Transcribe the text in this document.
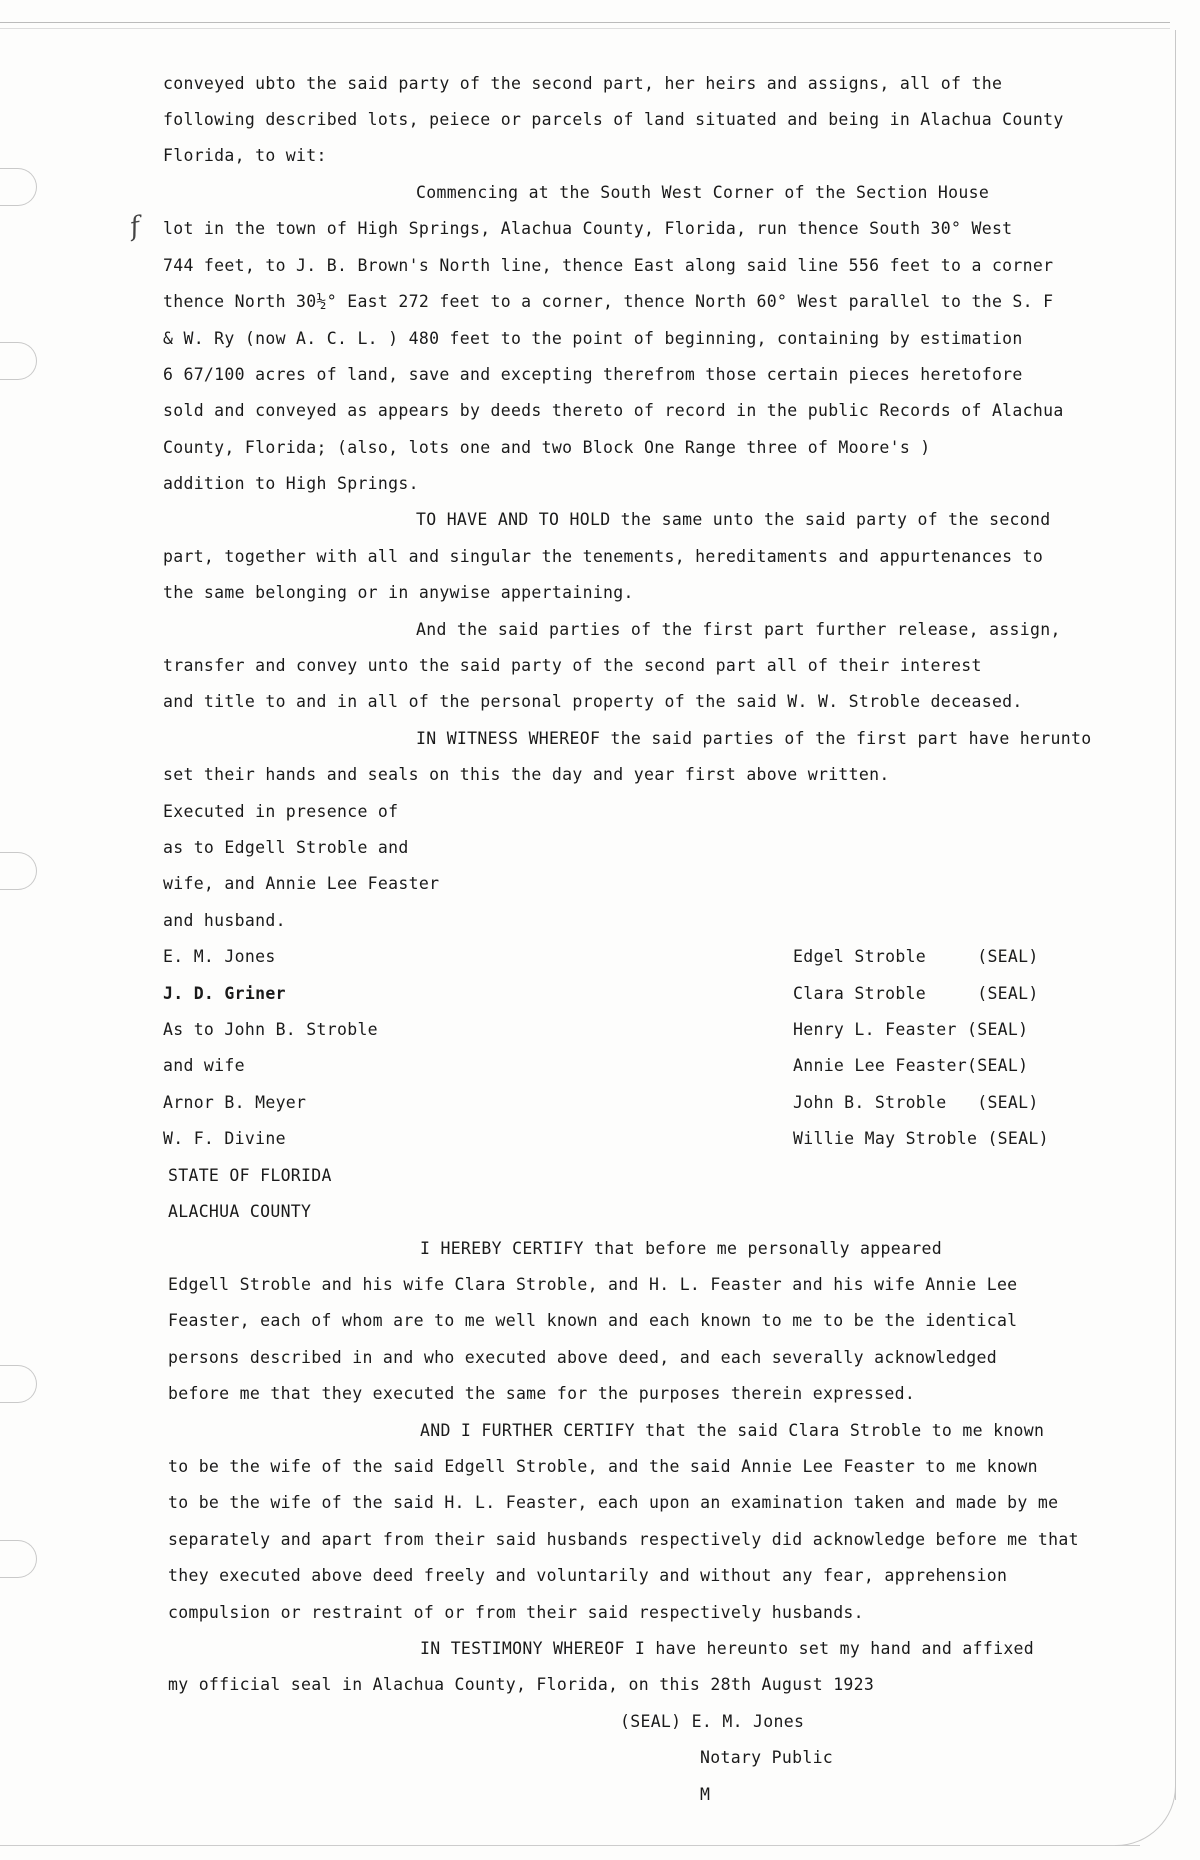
f
conveyed ubto the said party of the second part, her heirs and assigns, all of the
following described lots, peiece or parcels of land situated and being in Alachua County
Florida, to wit:
Commencing at the South West Corner of the Section House
lot in the town of High Springs, Alachua County, Florida, run thence South 30° West
744 feet, to J. B. Brown's North line, thence East along said line 556 feet to a corner
thence North 30½° East 272 feet to a corner, thence North 60° West parallel to the S. F
& W. Ry (now A. C. L. ) 480 feet to the point of beginning, containing by estimation
6 67/100 acres of land, save and excepting therefrom those certain pieces heretofore
sold and conveyed as appears by deeds thereto of record in the public Records of Alachua
County, Florida; (also, lots one and two Block One Range three of Moore's )
addition to High Springs.
TO HAVE AND TO HOLD the same unto the said party of the second
part, together with all and singular the tenements, hereditaments and appurtenances to
the same belonging or in anywise appertaining.
And the said parties of the first part further release, assign,
transfer and convey unto the said party of the second part all of their interest
and title to and in all of the personal property of the said W. W. Stroble deceased.
IN WITNESS WHEREOF the said parties of the first part have herunto
set their hands and seals on this the day and year first above written.
Executed in presence of
as to Edgell Stroble and
wife, and Annie Lee Feaster
and husband.
E. M. Jones
J. D. Griner
As to John B. Stroble
and wife
Arnor B. Meyer
W. F. Divine
Edgel Stroble     (SEAL)
Clara Stroble     (SEAL)
Henry L. Feaster (SEAL)
Annie Lee Feaster(SEAL)
John B. Stroble   (SEAL)
Willie May Stroble (SEAL)
STATE OF FLORIDA
ALACHUA COUNTY
I HEREBY CERTIFY that before me personally appeared
Edgell Stroble and his wife Clara Stroble, and H. L. Feaster and his wife Annie Lee
Feaster, each of whom are to me well known and each known to me to be the identical
persons described in and who executed above deed, and each severally acknowledged
before me that they executed the same for the purposes therein expressed.
AND I FURTHER CERTIFY that the said Clara Stroble to me known
to be the wife of the said Edgell Stroble, and the said Annie Lee Feaster to me known
to be the wife of the said H. L. Feaster, each upon an examination taken and made by me
separately and apart from their said husbands respectively did acknowledge before me that
they executed above deed freely and voluntarily and without any fear, apprehension
compulsion or restraint of or from their said respectively husbands.
IN TESTIMONY WHEREOF I have hereunto set my hand and affixed
my official seal in Alachua County, Florida, on this 28th August 1923
(SEAL) E. M. Jones
Notary Public
M
